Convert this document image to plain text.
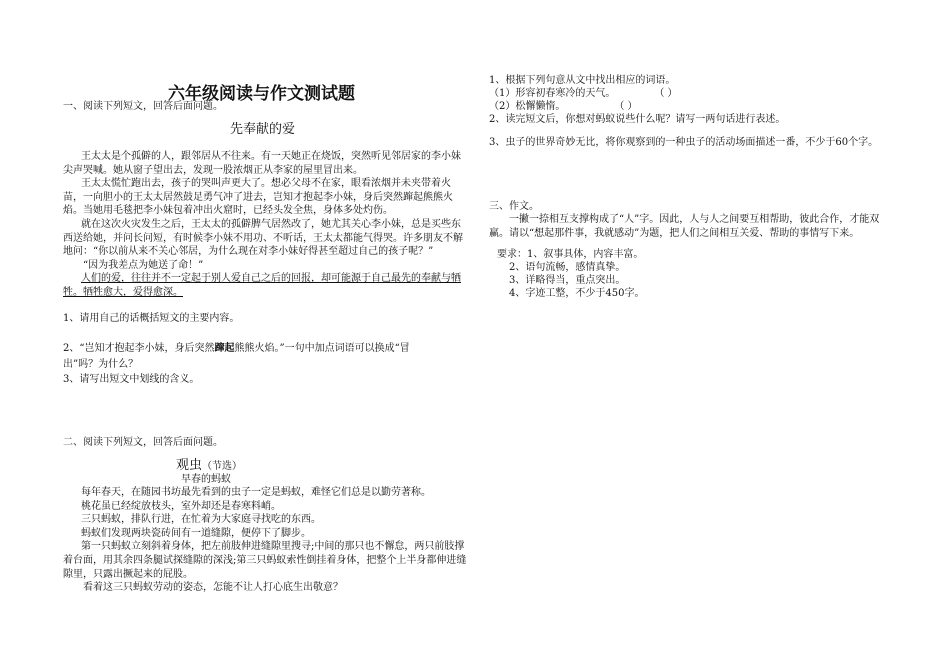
六年级阅读与作文测试题
一、阅读下列短文，回答后面问题。
先奉献的爱
王太太是个孤僻的人，跟邻居从不往来。有一天她正在烧饭，突然听见邻居家的李小妹尖声哭喊。她从窗子望出去，发现一股浓烟正从李家的屋里冒出来。
王太太慌忙跑出去，孩子的哭叫声更大了。想必父母不在家，眼看浓烟并未夹带着火苗，一向胆小的王太太居然鼓足勇气冲了进去，岂知才抱起李小妹，身后突然蹿起熊熊火焰。当她用毛毯把李小妹包着冲出火窟时，已经头发全焦，身体多处灼伤。
就在这次火灾发生之后，王太太的孤僻脾气居然改了，她尤其关心李小妹，总是买些东西送给她，并问长问短，有时候李小妹不用功、不听话，王太太都能气得哭。许多朋友不解地问：“你以前从来不关心邻居，为什么现在对李小妹好得甚至超过自己的孩子呢？”
“因为我差点为她送了命！”
人们的爱，往往并不一定起于别人爱自己之后的回报，却可能源于自己最先的奉献与牺牲。牺牲愈大，爱得愈深。
1、请用自己的话概括短文的主要内容。
2、“岂知才抱起李小妹，身后突然蹿起熊熊火焰。”一句中加点词语可以换成“冒
出”吗？为什么？
3、请写出短文中划线的含义。
二、阅读下列短文，回答后面问题。
观虫（节选）
早春的蚂蚁
每年春天，在随园书坊最先看到的虫子一定是蚂蚁，难怪它们总是以勤劳著称。
桃花虽已经绽放枝头，室外却还是春寒料峭。
三只蚂蚁，排队行进，在忙着为大家庭寻找吃的东西。
蚂蚁们发现两块瓷砖间有一道缝隙，便停下了脚步。
第一只蚂蚁立刻斜着身体，把左前肢伸进缝隙里搜寻;中间的那只也不懈怠，两只前肢撑着台面，用其余四条腿试探缝隙的深浅;第三只蚂蚁索性倒挂着身体，把整个上半身都伸进缝隙里，只露出撅起来的屁股。
看着这三只蚂蚁劳动的姿态，怎能不让人打心底生出敬意？
1、根据下列句意从文中找出相应的词语。
（1）形容初春寒冷的天气。	（ ）
（2）松懈懒惰。	（ ）
2、读完短文后，你想对蚂蚁说些什么呢？请写一两句话进行表述。
3、虫子的世界奇妙无比，将你观察到的一种虫子的活动场面描述一番，不少于60个字。
三、作文。
一撇一捺相互支撑构成了“人”字。因此，人与人之间要互相帮助，彼此合作，才能双赢。请以“想起那件事，我就感动”为题，把人们之间相互关爱、帮助的事情写下来。
要求：1、叙事具体，内容丰富。
2、语句流畅，感情真挚。
3、详略得当，重点突出。
4、字迹工整，不少于450字。
